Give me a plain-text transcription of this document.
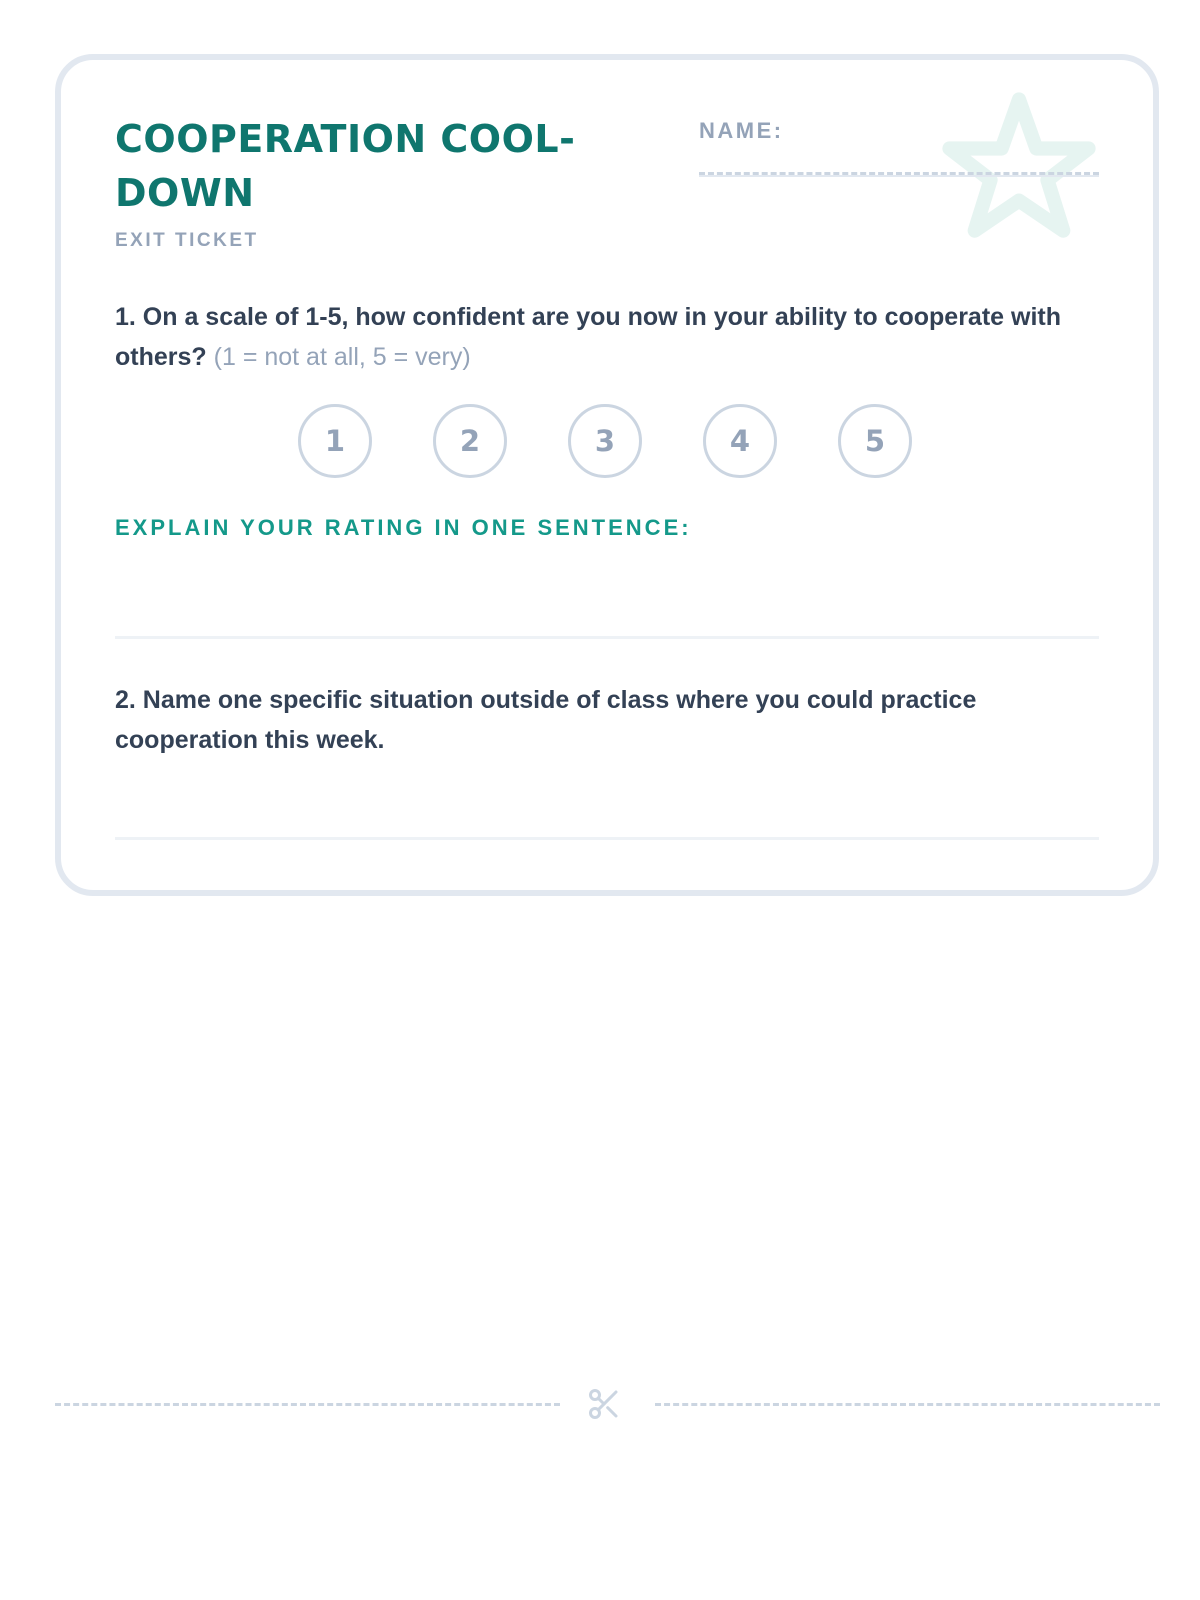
COOPERATION COOL-DOWN
EXIT TICKET
NAME:

1. On a scale of 1-5, how confident are you now in your ability to cooperate with others? (1 = not at all, 5 = very)

1	2	3	4	5
EXPLAIN YOUR RATING IN ONE SENTENCE:

2. Name one specific situation outside of class where you could practice cooperation this week.
